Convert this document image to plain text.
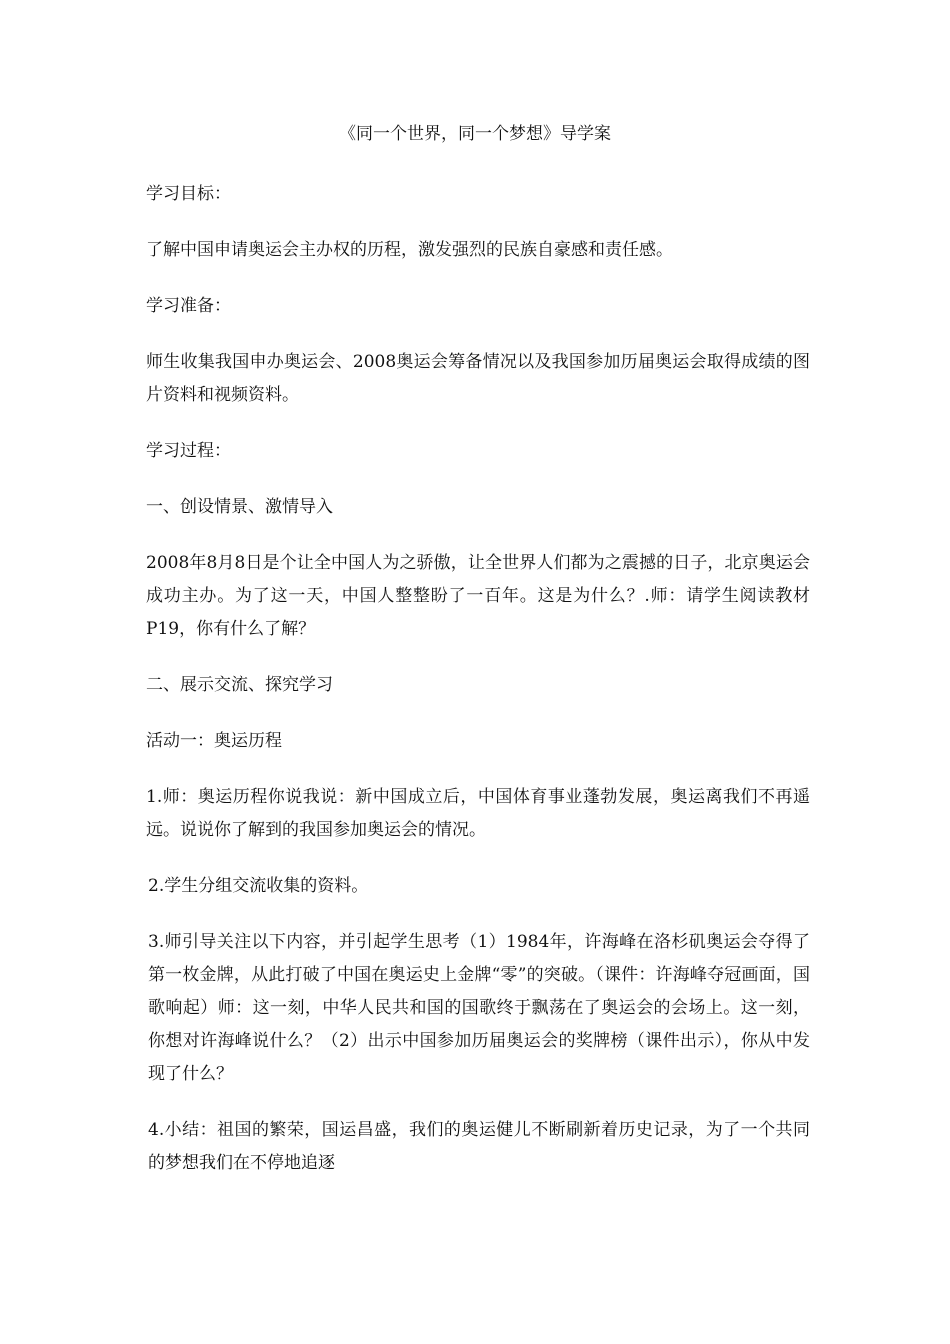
《同一个世界，同一个梦想》导学案

学习目标：

了解中国申请奥运会主办权的历程，激发强烈的民族自豪感和责任感。

学习准备：

师生收集我国申办奥运会、2008奥运会筹备情况以及我国参加历届奥运会取得成绩的图片资料和视频资料。

学习过程：

一、创设情景、激情导入

2008年8月8日是个让全中国人为之骄傲，让全世界人们都为之震撼的日子，北京奥运会成功主办。为了这一天，中国人整整盼了一百年。这是为什么？.师：请学生阅读教材P19，你有什么了解？

二、展示交流、探究学习

活动一：奥运历程

1.师：奥运历程你说我说：新中国成立后，中国体育事业蓬勃发展，奥运离我们不再遥远。说说你了解到的我国参加奥运会的情况。

2.学生分组交流收集的资料。

3.师引导关注以下内容，并引起学生思考（1）1984年，许海峰在洛杉矶奥运会夺得了第一枚金牌，从此打破了中国在奥运史上金牌“零”的突破。（课件：许海峰夺冠画面，国歌响起）师：这一刻，中华人民共和国的国歌终于飘荡在了奥运会的会场上。这一刻，你想对许海峰说什么？（2）出示中国参加历届奥运会的奖牌榜（课件出示），你从中发现了什么？

4.小结：祖国的繁荣，国运昌盛，我们的奥运健儿不断刷新着历史记录，为了一个共同的梦想我们在不停地追逐
